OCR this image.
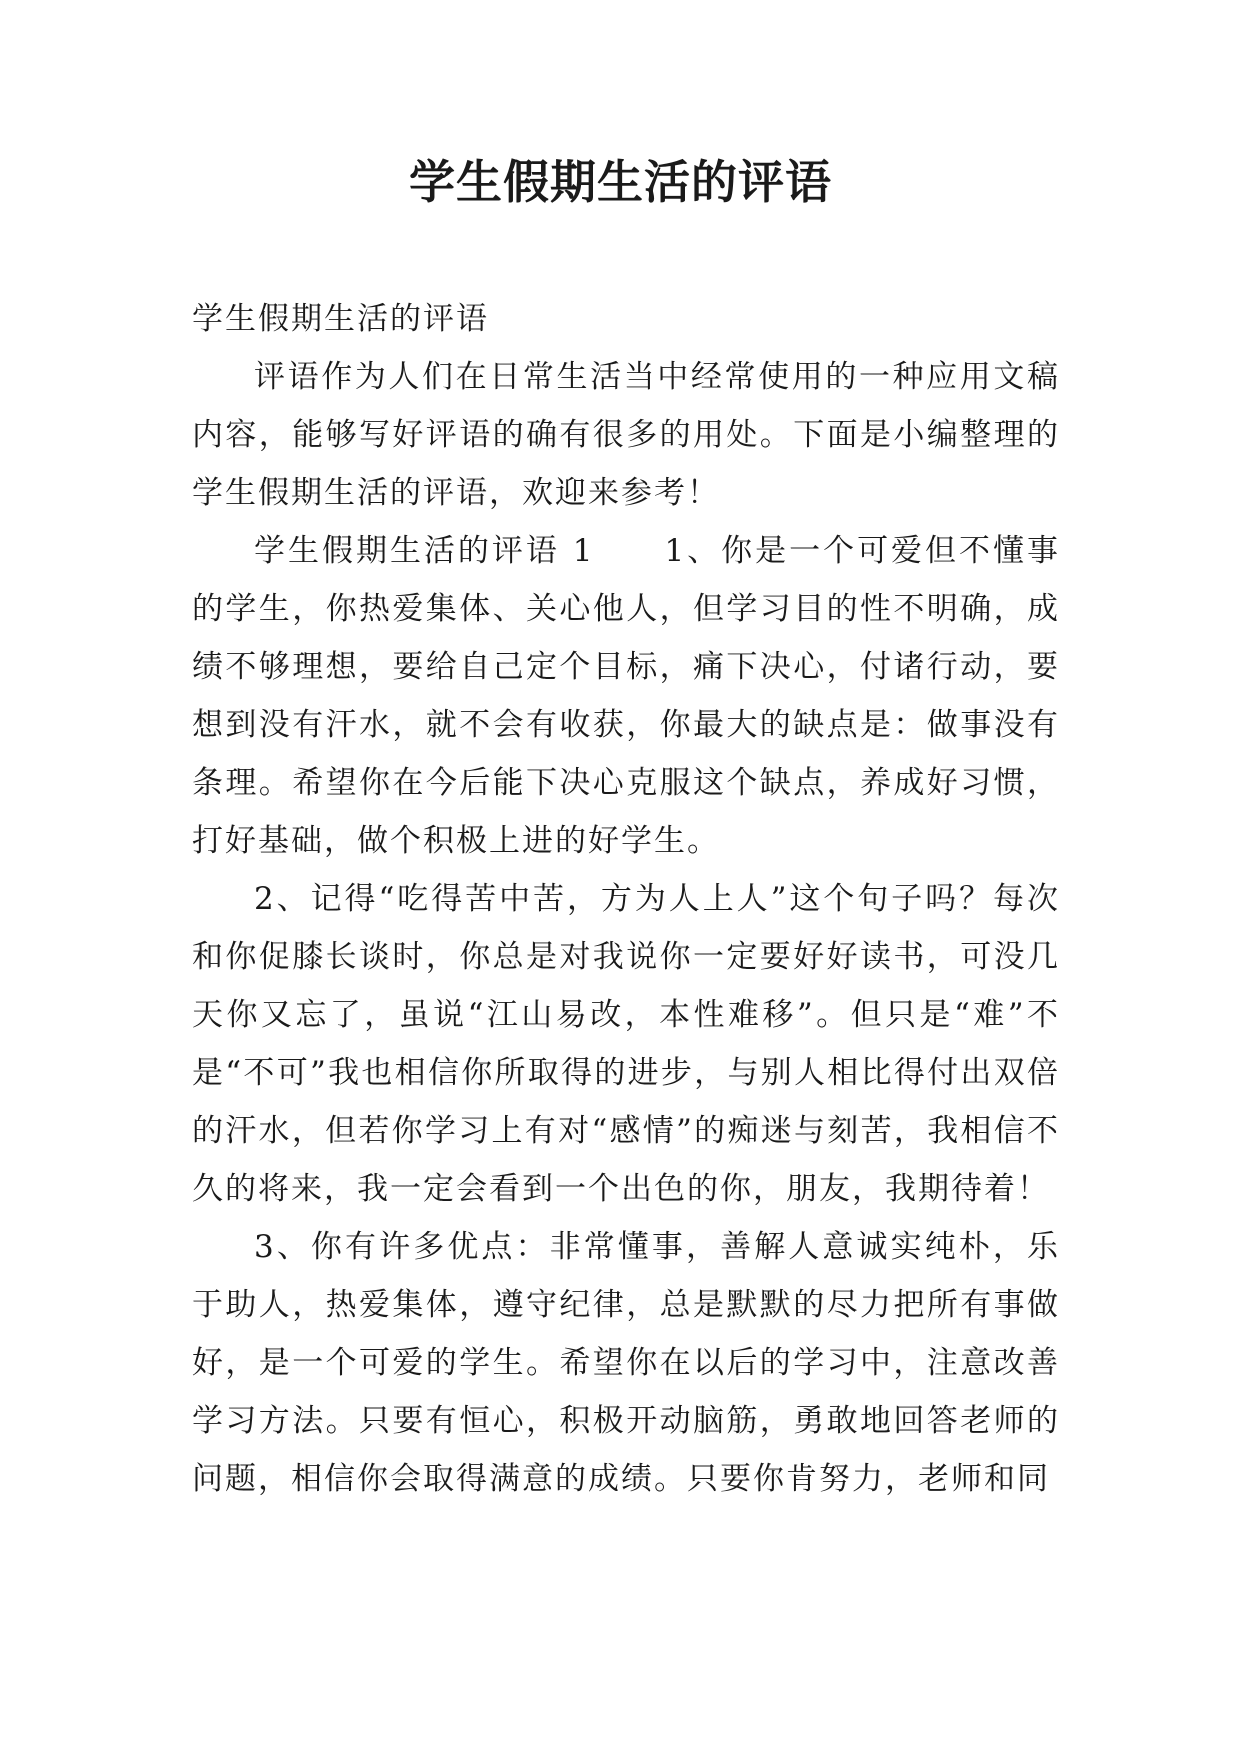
学生假期生活的评语

学生假期生活的评语

评语作为人们在日常生活当中经常使用的一种应用文稿内容，能够写好评语的确有很多的用处。下面是小编整理的学生假期生活的评语，欢迎来参考！

学生假期生活的评语 1 1、你是一个可爱但不懂事的学生，你热爱集体、关心他人，但学习目的性不明确，成绩不够理想，要给自己定个目标，痛下决心，付诸行动，要想到没有汗水，就不会有收获，你最大的缺点是：做事没有条理。希望你在今后能下决心克服这个缺点，养成好习惯，打好基础，做个积极上进的好学生。

2、记得“吃得苦中苦，方为人上人”这个句子吗？每次和你促膝长谈时，你总是对我说你一定要好好读书，可没几天你又忘了，虽说“江山易改，本性难移”。但只是“难”不是“不可”我也相信你所取得的进步，与别人相比得付出双倍的汗水，但若你学习上有对“感情”的痴迷与刻苦，我相信不久的将来，我一定会看到一个出色的你，朋友，我期待着！

3、你有许多优点：非常懂事，善解人意诚实纯朴，乐于助人，热爱集体，遵守纪律，总是默默的尽力把所有事做好，是一个可爱的学生。希望你在以后的学习中，注意改善学习方法。只要有恒心，积极开动脑筋，勇敢地回答老师的问题，相信你会取得满意的成绩。只要你肯努力，老师和同
